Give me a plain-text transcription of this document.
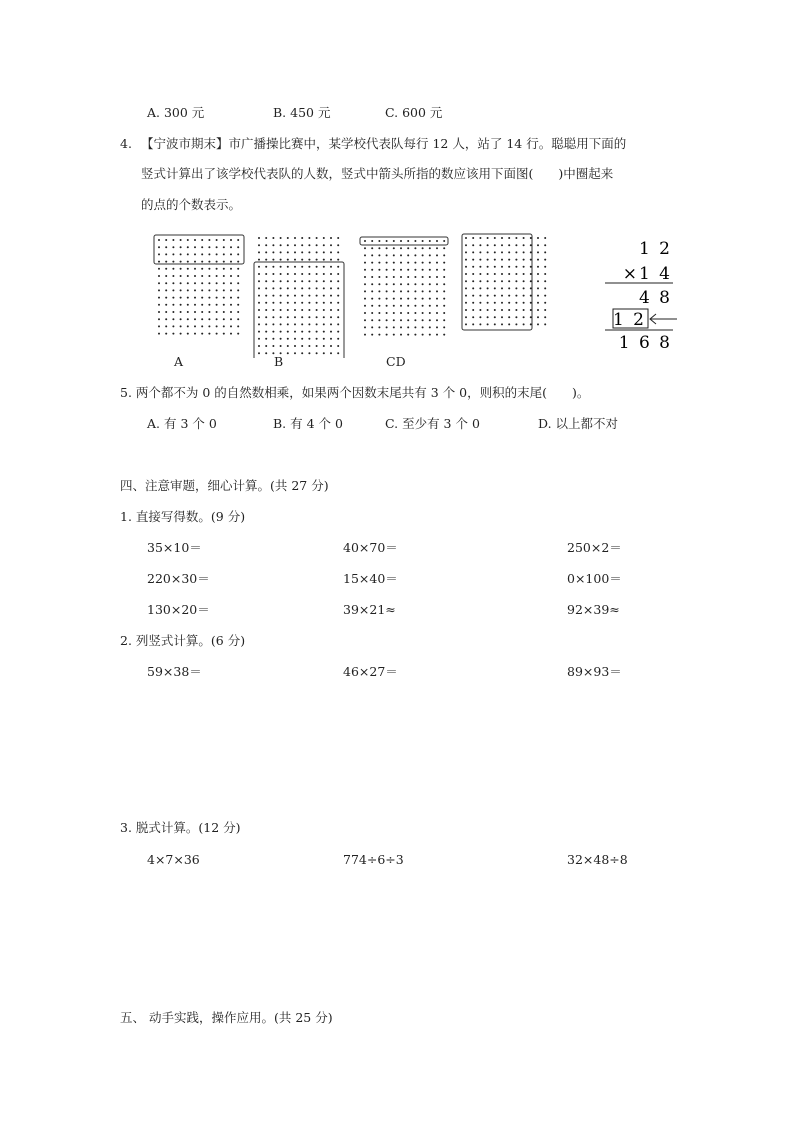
A. 300 元	B. 450 元	C. 600 元
4. 【宁波市期末】市广播操比赛中，某学校代表队每行 12 人，站了 14 行。聪聪用下面的
竖式计算出了该学校代表队的人数，竖式中箭头所指的数应该用下面图(　　)中圈起来
的点的个数表示。
A	B	CD
1 2
×1 4
4 8
1 2
1 6 8
5. 两个都不为 0 的自然数相乘，如果两个因数末尾共有 3 个 0，则积的末尾(　　)。
A. 有 3 个 0	B. 有 4 个 0	C. 至少有 3 个 0	D. 以上都不对
四、注意审题，细心计算。(共 27 分)
1. 直接写得数。(9 分)
35×10＝	40×70＝	250×2＝
220×30＝	15×40＝	0×100＝
130×20＝	39×21≈	92×39≈
2. 列竖式计算。(6 分)
59×38＝	46×27＝	89×93＝
3. 脱式计算。(12 分)
4×7×36	774÷6÷3	32×48÷8
五、 动手实践，操作应用。(共 25 分)
